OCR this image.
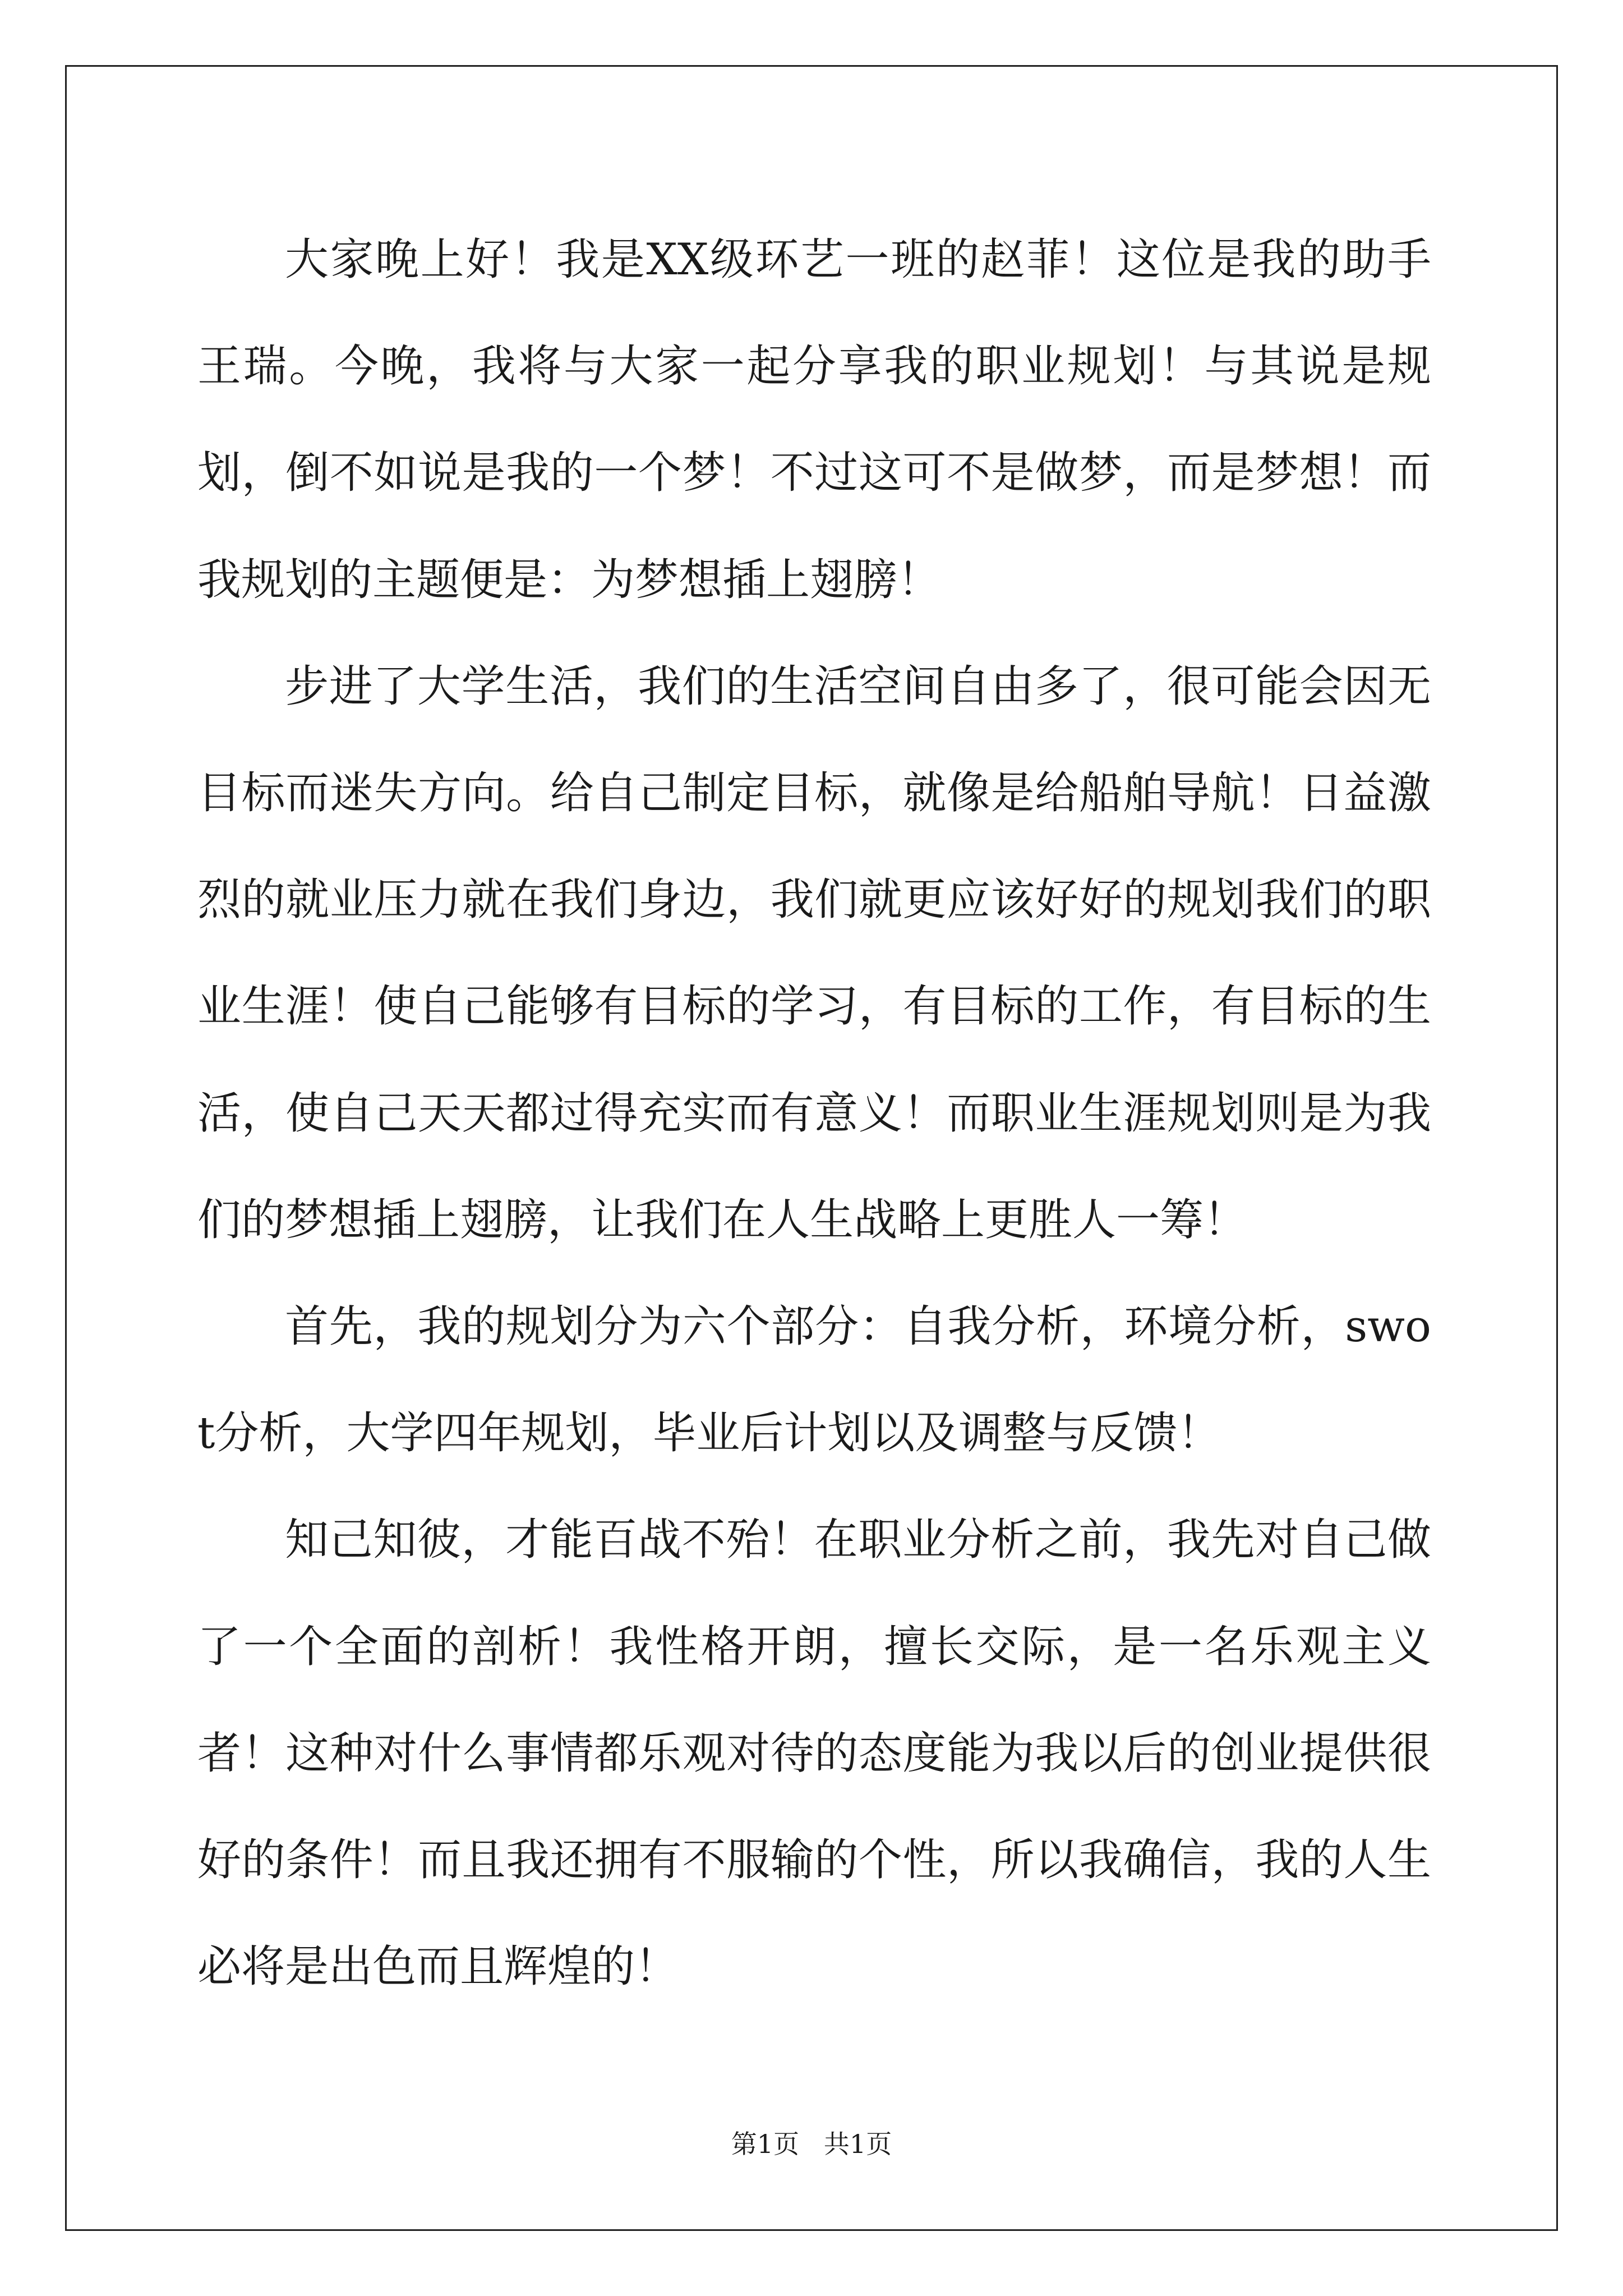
大家晚上好！我是XX级环艺一班的赵菲！这位是我的助手王瑞。今晚，我将与大家一起分享我的职业规划！与其说是规划，倒不如说是我的一个梦！不过这可不是做梦，而是梦想！而我规划的主题便是：为梦想插上翅膀！

步进了大学生活，我们的生活空间自由多了，很可能会因无目标而迷失方向。给自己制定目标，就像是给船舶导航！日益激烈的就业压力就在我们身边，我们就更应该好好的规划我们的职业生涯！使自己能够有目标的学习，有目标的工作，有目标的生活，使自己天天都过得充实而有意义！而职业生涯规划则是为我们的梦想插上翅膀，让我们在人生战略上更胜人一筹！

首先，我的规划分为六个部分：自我分析，环境分析，swot分析，大学四年规划，毕业后计划以及调整与反馈！

知己知彼，才能百战不殆！在职业分析之前，我先对自己做了一个全面的剖析！我性格开朗，擅长交际，是一名乐观主义者！这种对什么事情都乐观对待的态度能为我以后的创业提供很好的条件！而且我还拥有不服输的个性，所以我确信，我的人生必将是出色而且辉煌的！

第1页   共1页
